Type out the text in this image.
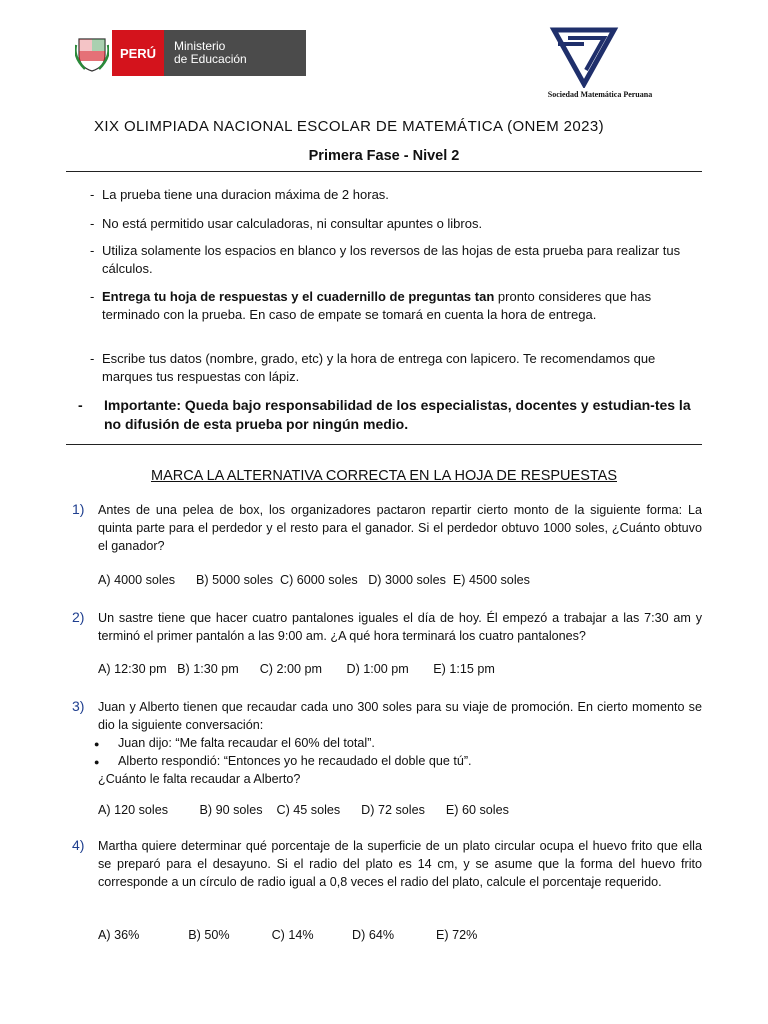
PERÚ	Ministerio
de Educación
Sociedad Matemática Peruana
XIX OLIMPIADA NACIONAL ESCOLAR DE MATEMÁTICA (ONEM 2023)
Primera Fase - Nivel 2
- La prueba tiene una duracion máxima de 2 horas.
- No está permitido usar calculadoras, ni consultar apuntes o libros.
- Utiliza solamente los espacios en blanco y los reversos de las hojas de esta prueba para realizar tus cálculos.
- Entrega tu hoja de respuestas y el cuadernillo de preguntas tan pronto consideres que has terminado con la prueba. En caso de empate se tomará en cuenta la hora de entrega.
- Escribe tus datos (nombre, grado, etc) y la hora de entrega con lapicero. Te recomendamos que marques tus respuestas con lápiz.
- Importante: Queda bajo responsabilidad de los especialistas, docentes y estudian-tes la no difusión de esta prueba por ningún medio.
MARCA LA ALTERNATIVA CORRECTA EN LA HOJA DE RESPUESTAS
1) Antes de una pelea de box, los organizadores pactaron repartir cierto monto de la siguiente forma: La quinta parte para el perdedor y el resto para el ganador. Si el perdedor obtuvo 1000 soles, ¿Cuánto obtuvo el ganador?
A) 4000 soles      B) 5000 soles  C) 6000 soles   D) 3000 soles  E) 4500 soles
2) Un sastre tiene que hacer cuatro pantalones iguales el día de hoy. Él empezó a trabajar a las 7:30 am y terminó el primer pantalón a las 9:00 am. ¿A qué hora terminará los cuatro pantalones?
A) 12:30 pm   B) 1:30 pm      C) 2:00 pm       D) 1:00 pm       E) 1:15 pm
3) Juan y Alberto tienen que recaudar cada uno 300 soles para su viaje de promoción. En cierto momento se dio la siguiente conversación:
● Juan dijo: “Me falta recaudar el 60% del total”.
● Alberto respondió: “Entonces yo he recaudado el doble que tú”.
¿Cuánto le falta recaudar a Alberto?
A) 120 soles         B) 90 soles    C) 45 soles      D) 72 soles      E) 60 soles
4) Martha quiere determinar qué porcentaje de la superficie de un plato circular ocupa el huevo frito que ella se preparó para el desayuno. Si el radio del plato es 14 cm, y se asume que la forma del huevo frito corresponde a un círculo de radio igual a 0,8 veces el radio del plato, calcule el porcentaje requerido.
A) 36%              B) 50%            C) 14%           D) 64%            E) 72%
